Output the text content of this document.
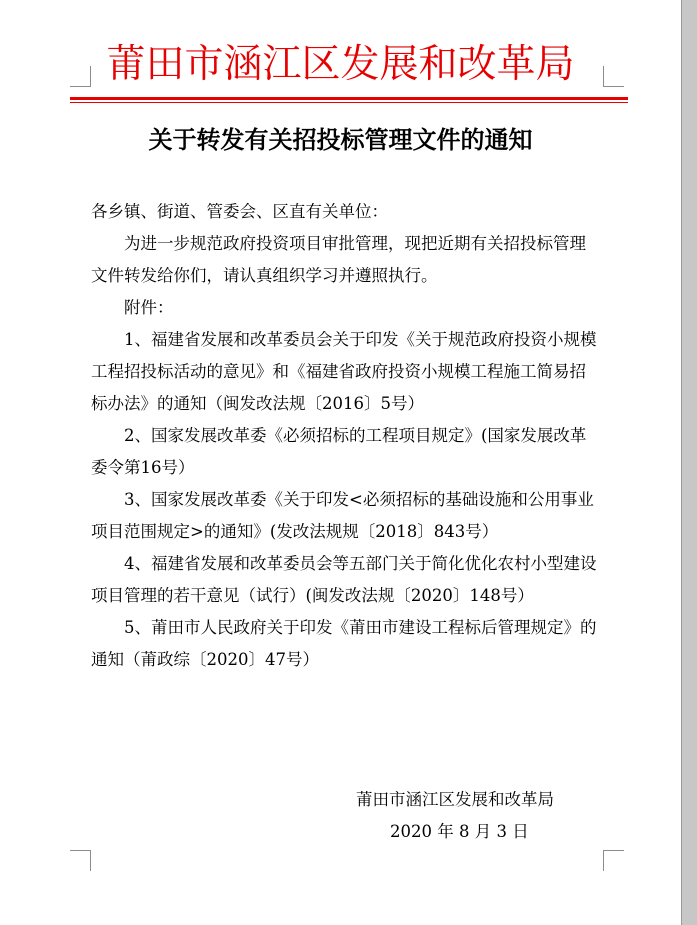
莆田市涵江区发展和改革局
关于转发有关招投标管理文件的通知

各乡镇、街道、管委会、区直有关单位：

为进一步规范政府投资项目审批管理，现把近期有关招投标管理文件转发给你们，请认真组织学习并遵照执行。

附件：

1、福建省发展和改革委员会关于印发《关于规范政府投资小规模工程招投标活动的意见》和《福建省政府投资小规模工程施工简易招标办法》的通知（闽发改法规〔2016〕5号）

2、国家发展改革委《必须招标的工程项目规定》(国家发展改革委令第16号）

3、国家发展改革委《关于印发<必须招标的基础设施和公用事业项目范围规定>的通知》(发改法规规〔2018〕843号）

4、福建省发展和改革委员会等五部门关于简化优化农村小型建设项目管理的若干意见（试行）(闽发改法规〔2020〕148号）

5、莆田市人民政府关于印发《莆田市建设工程标后管理规定》的通知（莆政综〔2020〕47号）

莆田市涵江区发展和改革局
2020 年 8 月 3 日
